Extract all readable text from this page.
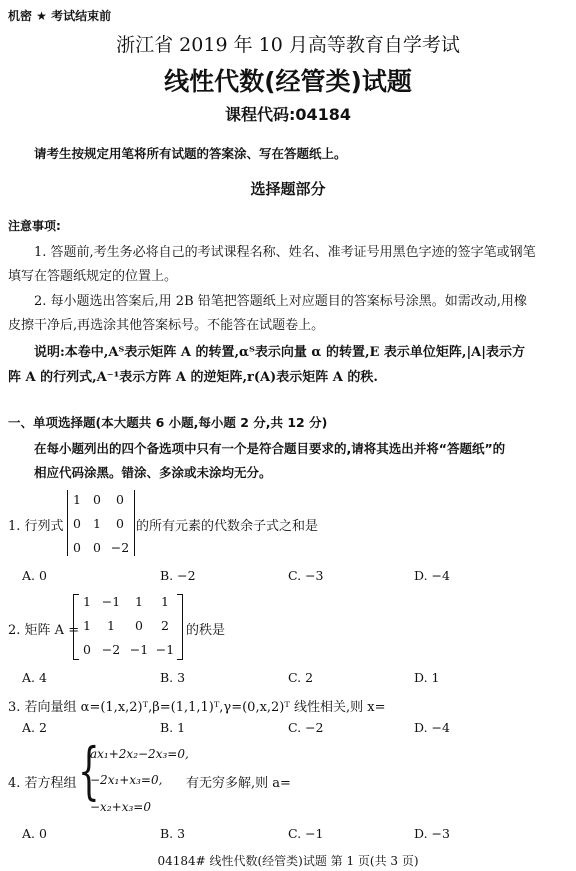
机密 ★ 考试结束前
浙江省 2019 年 10 月高等教育自学考试
线性代数(经管类)试题
课程代码:04184
请考生按规定用笔将所有试题的答案涂、写在答题纸上。
选择题部分
注意事项:
1. 答题前,考生务必将自己的考试课程名称、姓名、准考证号用黑色字迹的签字笔或钢笔
填写在答题纸规定的位置上。
2. 每小题选出答案后,用 2B 铅笔把答题纸上对应题目的答案标号涂黑。如需改动,用橡
皮擦干净后,再选涂其他答案标号。不能答在试题卷上。
说明:本卷中,Aᵀ表示矩阵 A 的转置,αᵀ表示向量 α 的转置,E 表示单位矩阵,|A|表示方
阵 A 的行列式,A⁻¹表示方阵 A 的逆矩阵,r(A)表示矩阵 A 的秩.
一、单项选择题(本大题共 6 小题,每小题 2 分,共 12 分)
在每小题列出的四个备选项中只有一个是符合题目要求的,请将其选出并将“答题纸”的
相应代码涂黑。错涂、多涂或未涂均无分。
1. 行列式
1 0	0
0 1	0
0 0 −2
的所有元素的代数余子式之和是
A. 0	B. −2	C. −3	D. −4
2. 矩阵 A =
1 −1	1	1
1	1	0	2
0 −2 −1 −1
的秩是
A. 4	B. 3	C. 2	D. 1
3. 若向量组 α=(1,x,2)ᵀ,β=(1,1,1)ᵀ,γ=(0,x,2)ᵀ 线性相关,则 x=
A. 2	B. 1	C. −2	D. −4
4. 若方程组 {
ax₁+2x₂−2x₃=0,
−2x₁+x₃=0,
−x₂+x₃=0
有无穷多解,则 a=
A. 0	B. 3	C. −1	D. −3
04184# 线性代数(经管类)试题 第 1 页(共 3 页)
